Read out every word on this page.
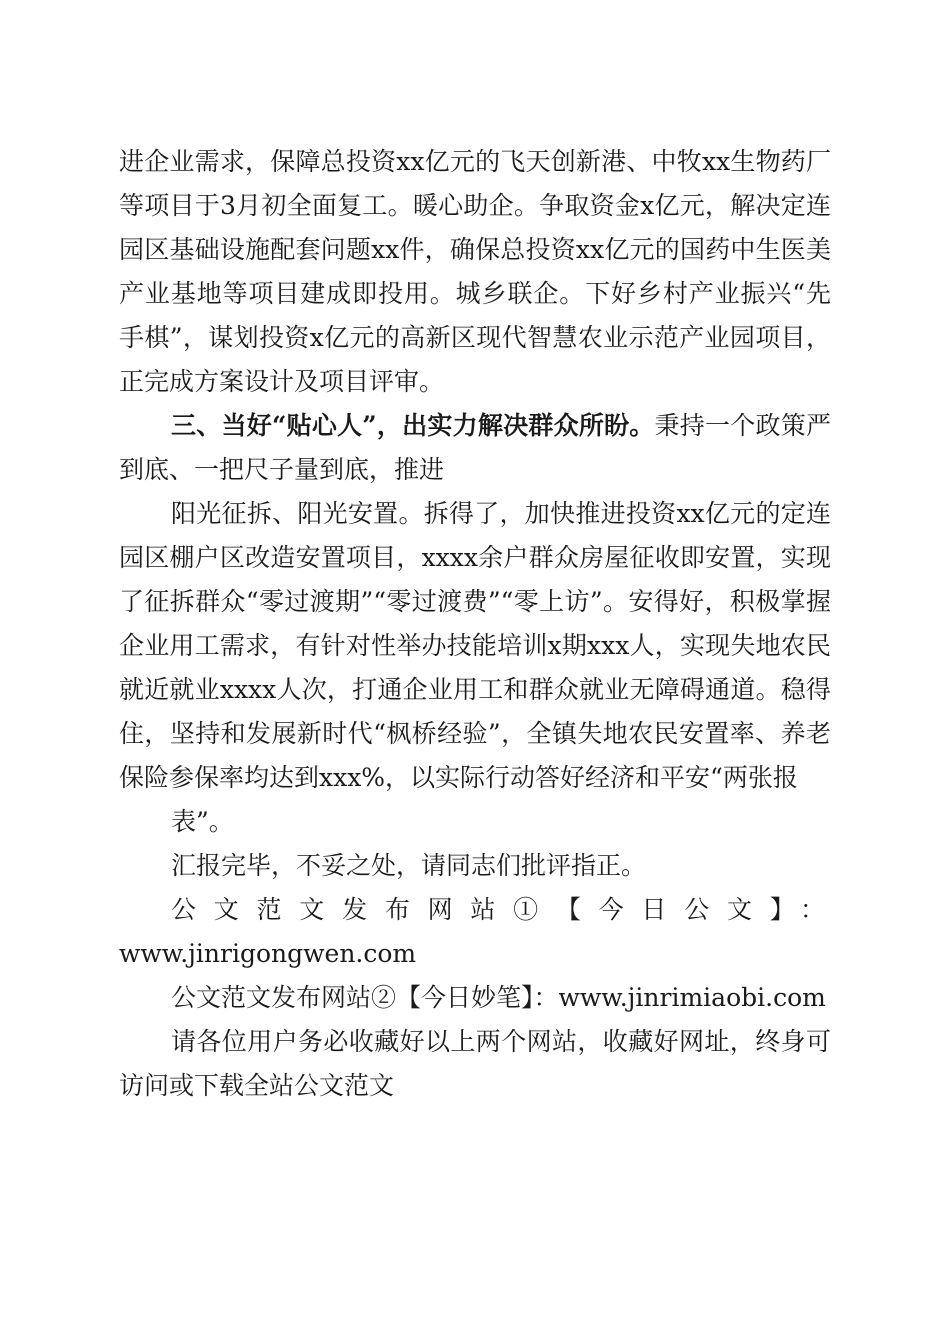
进企业需求，保障总投资xx亿元的飞天创新港、中牧xx生物药厂等项目于3月初全面复工。暖心助企。争取资金x亿元，解决定连园区基础设施配套问题xx件，确保总投资xx亿元的国药中生医美产业基地等项目建成即投用。城乡联企。下好乡村产业振兴“先手棋”，谋划投资x亿元的高新区现代智慧农业示范产业园项目，正完成方案设计及项目评审。

三、当好“贴心人”，出实力解决群众所盼。秉持一个政策严到底、一把尺子量到底，推进

阳光征拆、阳光安置。拆得了，加快推进投资xx亿元的定连园区棚户区改造安置项目，xxxx余户群众房屋征收即安置，实现了征拆群众“零过渡期”“零过渡费”“零上访”。安得好，积极掌握企业用工需求，有针对性举办技能培训x期xxx人，实现失地农民就近就业xxxx人次，打通企业用工和群众就业无障碍通道。稳得住，坚持和发展新时代“枫桥经验”，全镇失地农民安置率、养老保险参保率均达到xxx%，以实际行动答好经济和平安“两张报

表”。

汇报完毕，不妥之处，请同志们批评指正。

公文范文发布网站①【今日公文】：

www.jinrigongwen.com

公文范文发布网站②【今日妙笔】：www.jinrimiaobi.com

请各位用户务必收藏好以上两个网站，收藏好网址，终身可访问或下载全站公文范文
